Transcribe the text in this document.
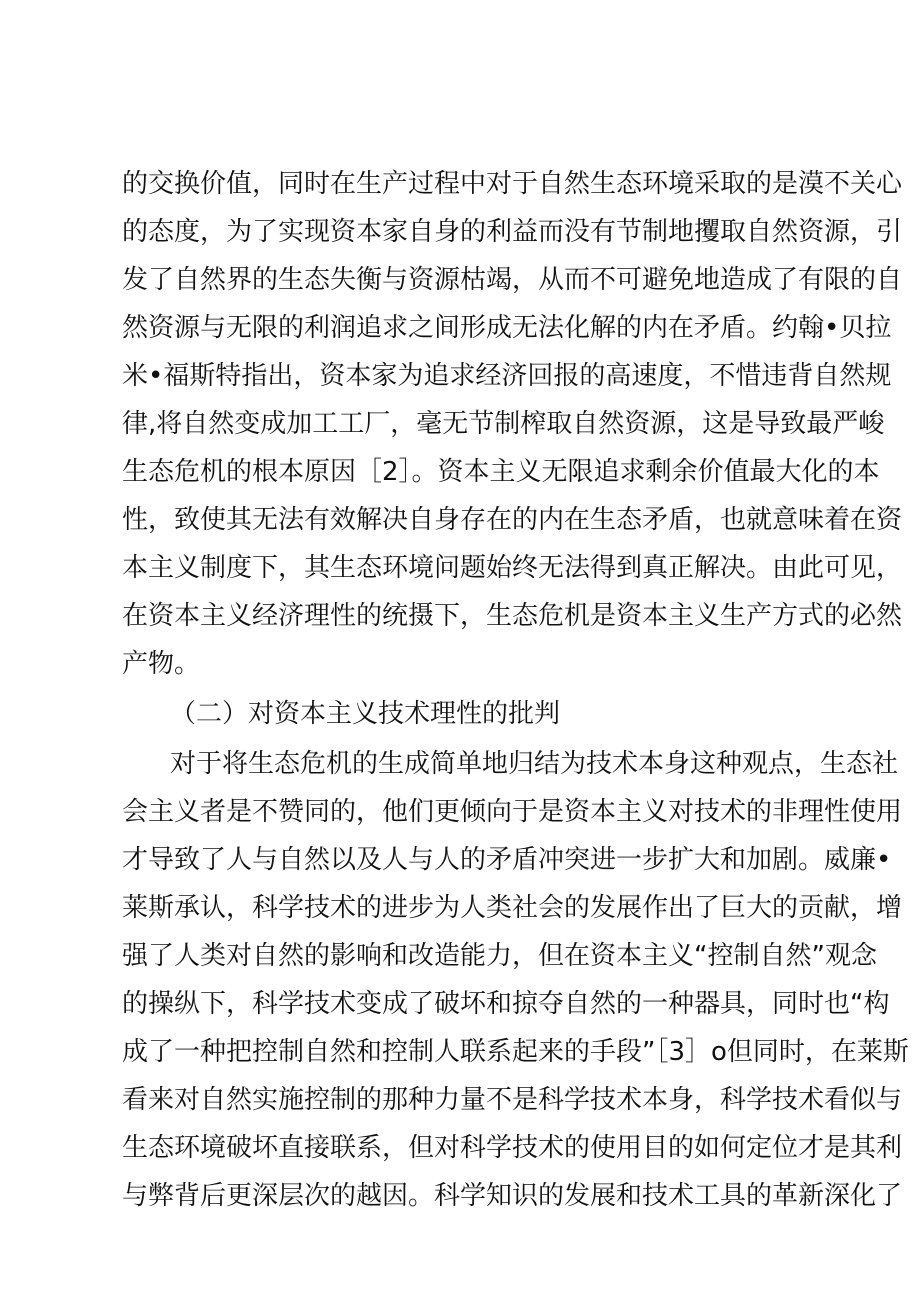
的交换价值，同时在生产过程中对于自然生态环境采取的是漠不关心
的态度，为了实现资本家自身的利益而没有节制地攫取自然资源，引
发了自然界的生态失衡与资源枯竭，从而不可避免地造成了有限的自
然资源与无限的利润追求之间形成无法化解的内在矛盾。约翰•贝拉
米•福斯特指出，资本家为追求经济回报的高速度，不惜违背自然规
律,将自然变成加工工厂，毫无节制榨取自然资源，这是导致最严峻
生态危机的根本原因［2］。资本主义无限追求剩余价值最大化的本
性，致使其无法有效解决自身存在的内在生态矛盾，也就意味着在资
本主义制度下，其生态环境问题始终无法得到真正解决。由此可见，
在资本主义经济理性的统摄下，生态危机是资本主义生产方式的必然
产物。
（二）对资本主义技术理性的批判
对于将生态危机的生成简单地归结为技术本身这种观点，生态社
会主义者是不赞同的，他们更倾向于是资本主义对技术的非理性使用
才导致了人与自然以及人与人的矛盾冲突进一步扩大和加剧。威廉•
莱斯承认，科学技术的进步为人类社会的发展作出了巨大的贡献，增
强了人类对自然的影响和改造能力，但在资本主义“控制自然”观念
的操纵下，科学技术变成了破坏和掠夺自然的一种器具，同时也“构
成了一种把控制自然和控制人联系起来的手段”［3］o但同时，在莱斯
看来对自然实施控制的那种力量不是科学技术本身，科学技术看似与
生态环境破坏直接联系，但对科学技术的使用目的如何定位才是其利
与弊背后更深层次的越因。科学知识的发展和技术工具的革新深化了
